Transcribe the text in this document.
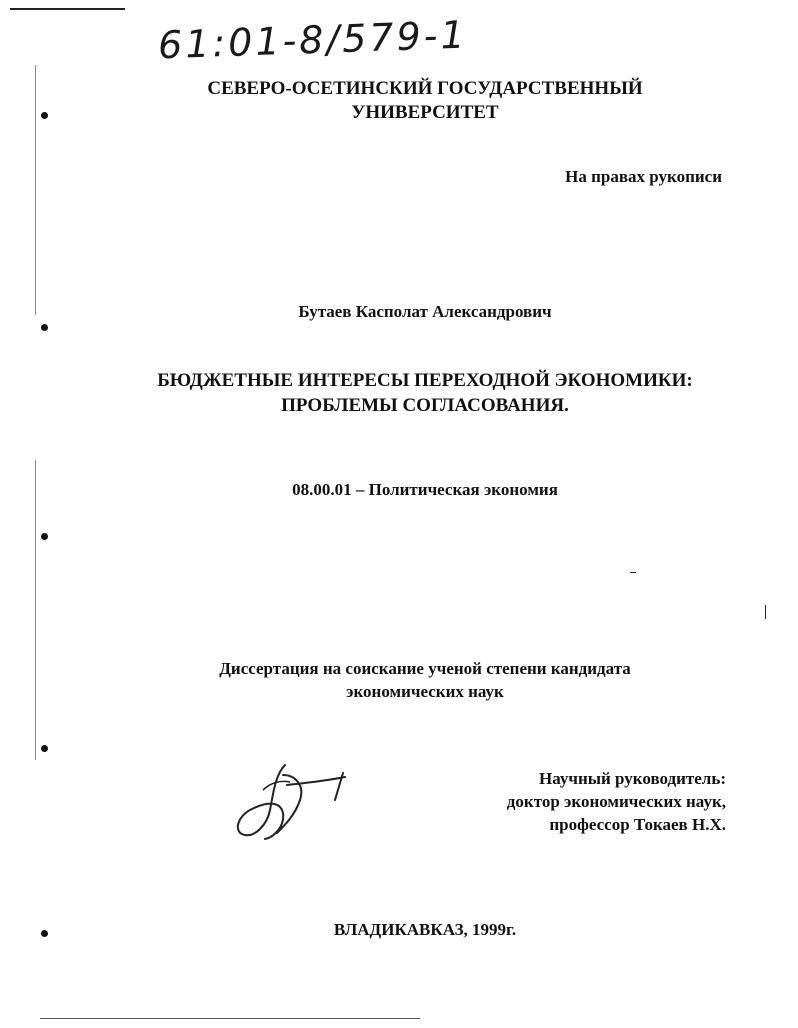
61:01-8/579-1
СЕВЕРО-ОСЕТИНСКИЙ ГОСУДАРСТВЕННЫЙ
УНИВЕРСИТЕТ
На правах рукописи
Бутаев Касполат Александрович
БЮДЖЕТНЫЕ ИНТЕРЕСЫ ПЕРЕХОДНОЙ ЭКОНОМИКИ:
ПРОБЛЕМЫ СОГЛАСОВАНИЯ.
08.00.01 – Политическая экономия
Диссертация на соискание ученой степени кандидата
экономических наук
Научный руководитель:
доктор экономических наук,
профессор Токаев Н.Х.
ВЛАДИКАВКАЗ, 1999г.
